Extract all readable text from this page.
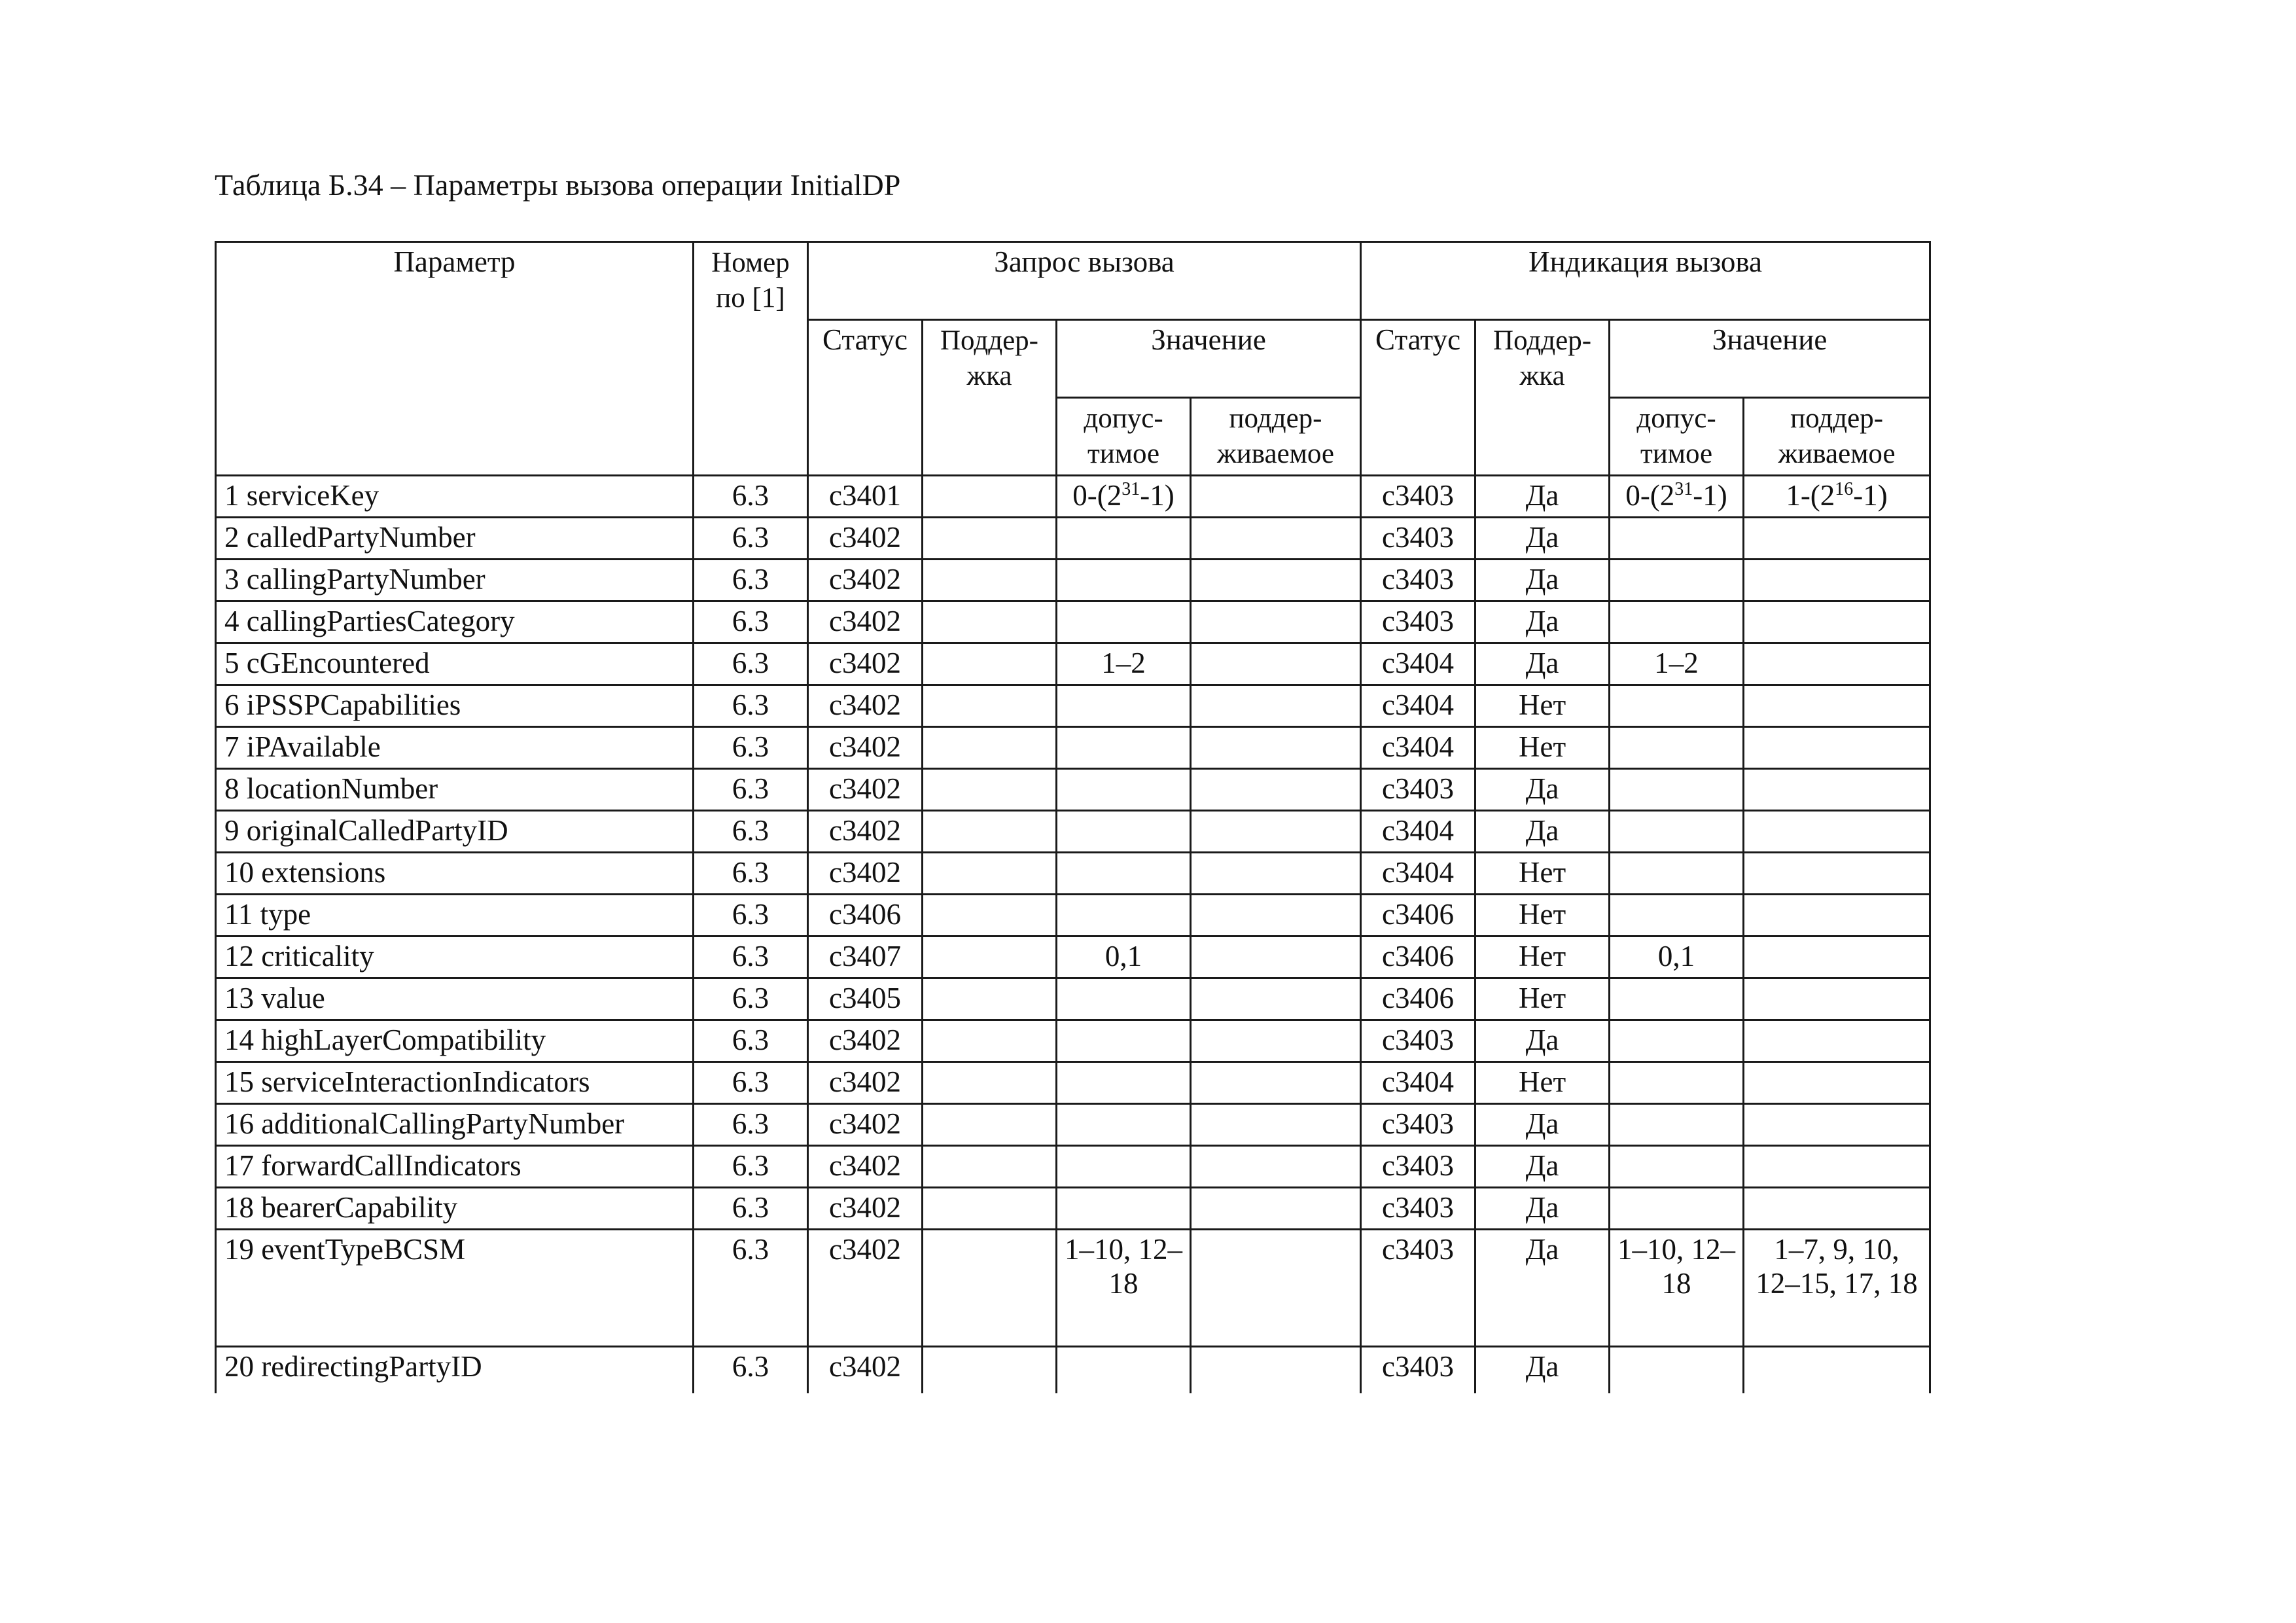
Таблица Б.34 – Параметры вызова операции InitialDP
Параметр	Номер по [1]	Запрос вызова				Индикация вызова			
		Статус	Поддер-жка	Значение		Статус	Поддер-жка	Значение	
				допус-тимое	поддер-живаемое			допус-тимое	поддер-живаемое
1 serviceKey	6.3	c3401		$0-(2^{31}-1)$		c3403	Да	$0-(2^{31}-1)$	$1-(2^{16}-1)$
2 calledPartyNumber	6.3	c3402				c3403	Да		
3 callingPartyNumber	6.3	c3402				c3403	Да		
4 callingPartiesCategory	6.3	c3402				c3403	Да		
5 cGEncountered	6.3	c3402		1–2		c3404	Да	1–2	
6 iPSSPCapabilities	6.3	c3402				c3404	Нет		
7 iPAvailable	6.3	c3402				c3404	Нет		
8 locationNumber	6.3	c3402				c3403	Да		
9 originalCalledPartyID	6.3	c3402				c3404	Да		
10 extensions	6.3	c3402				c3404	Нет		
11 type	6.3	c3406				c3406	Нет		
12 criticality	6.3	c3407		0,1		c3406	Нет	0,1	
13 value	6.3	c3405				c3406	Нет		
14 highLayerCompatibility	6.3	c3402				c3403	Да		
15 serviceInteractionIndicators	6.3	c3402				c3404	Нет		
16 additionalCallingPartyNumber	6.3	c3402				c3403	Да		
17 forwardCallIndicators	6.3	c3402				c3403	Да		
18 bearerCapability	6.3	c3402				c3403	Да		
19 eventTypeBCSM	6.3	c3402		1–10, 12–18		c3403	Да	1–10, 12–18	1–7, 9, 10, 12–15, 17, 18
20 redirectingPartyID	6.3	c3402				c3403	Да		
